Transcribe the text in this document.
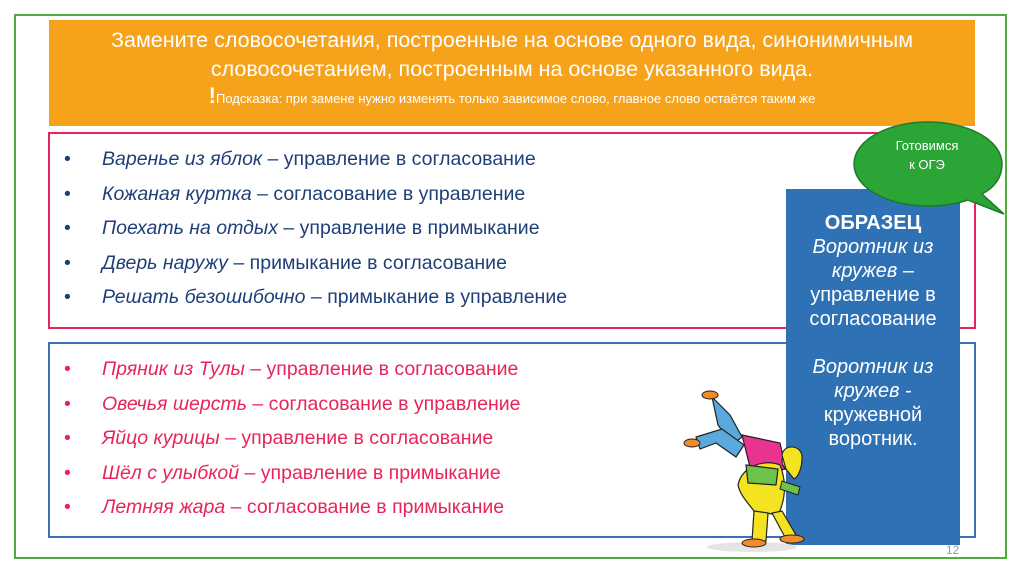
Замените словосочетания, построенные на основе одного вида, синонимичным
словосочетанием, построенным на основе указанного вида.
!Подсказка: при замене нужно изменять только зависимое слово, главное слово остаётся таким же
• Варенье из яблок – управление в согласование
• Кожаная куртка – согласование в управление
• Поехать на отдых – управление в примыкание
• Дверь наружу – примыкание в согласование
• Решать безошибочно – примыкание в управление
• Пряник из Тулы – управление в согласование
• Овечья шерсть – согласование в управление
• Яйцо курицы – управление в согласование
• Шёл с улыбкой – управление в примыкание
• Летняя жара – согласование в примыкание
ОБРАЗЕЦ
Воротник из кружев – управление в согласование
Воротник из кружев - кружевной воротник.
Готовимся
к ОГЭ
12
